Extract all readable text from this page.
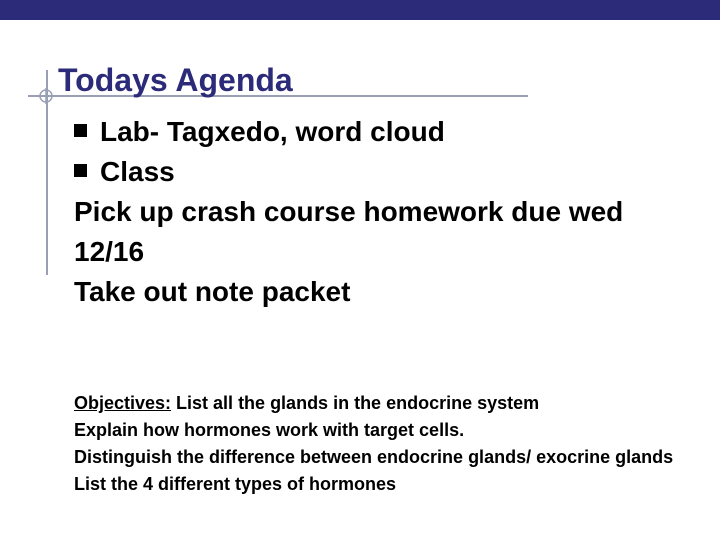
Todays Agenda
Lab- Tagxedo, word cloud
Class
Pick up crash course homework due wed 12/16
Take out note packet
Objectives: List all the glands in the endocrine system
Explain how hormones work with target cells.
Distinguish the difference between endocrine glands/ exocrine glands
List the 4 different types of hormones
